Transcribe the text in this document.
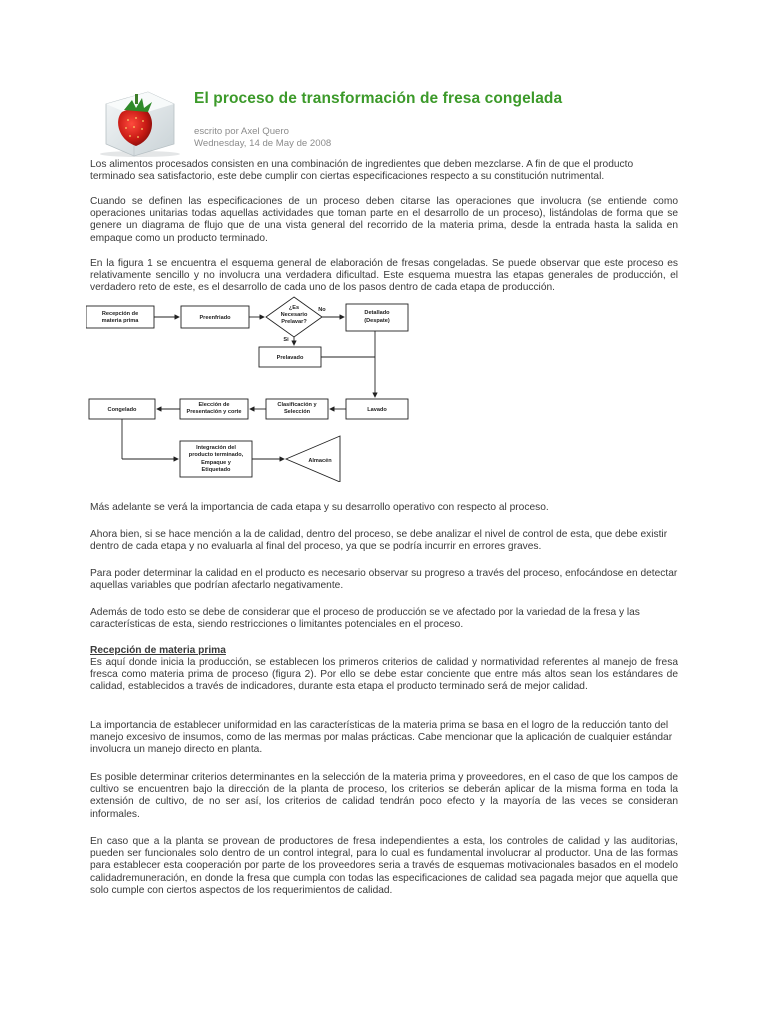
El proceso de transformación de fresa congelada
escrito por Axel Quero
Wednesday, 14 de May de 2008

Los alimentos procesados consisten en una combinación de ingredientes que deben mezclarse. A fin de que el producto terminado sea satisfactorio, este debe cumplir con ciertas especificaciones respecto a su constitución nutrimental.

Cuando se definen las especificaciones de un proceso deben citarse las operaciones que involucra (se entiende como operaciones unitarias todas aquellas actividades que toman parte en el desarrollo de un proceso), listándolas de forma que se genere un diagrama de flujo que de una vista general del recorrido de la materia prima, desde la entrada hasta la salida en empaque como un producto terminado.

En la figura 1 se encuentra el esquema general de elaboración de fresas congeladas. Se puede observar que este proceso es relativamente sencillo y no involucra una verdadera dificultad. Este esquema muestra las etapas generales de producción, el verdadero reto de este, es el desarrollo de cada uno de los pasos dentro de cada etapa de producción.

Recepción de
materia prima	Preenfriado
¿Es
Necesario
Prelavar?
No
Si
Detallado
(Despate)
Prelavado
Lavado
Clasificación y
Selección
Elección de
Presentación y corte
Congelado
Integración del
producto terminado,
Empaque y
Etiquetado
Almacén

Más adelante se verá la importancia de cada etapa y su desarrollo operativo con respecto al proceso.

Ahora bien, si se hace mención a la de calidad, dentro del proceso, se debe analizar el nivel de control de esta, que debe existir dentro de cada etapa y no evaluarla al final del proceso, ya que se podría incurrir en errores graves.

Para poder determinar la calidad en el producto es necesario observar su progreso a través del proceso, enfocándose en detectar aquellas variables que podrían afectarlo negativamente.

Además de todo esto se debe de considerar que el proceso de producción se ve afectado por la variedad de la fresa y las características de esta, siendo restricciones o limitantes potenciales en el proceso.

Recepción de materia prima

Es aquí donde inicia la producción, se establecen los primeros criterios de calidad y normatividad referentes al manejo de fresa fresca como materia prima de proceso (figura 2). Por ello se debe estar conciente que entre más altos sean los estándares de calidad, establecidos a través de indicadores, durante esta etapa el producto terminado será de mejor calidad.

La importancia de establecer uniformidad en las características de la materia prima se basa en el logro de la reducción tanto del manejo excesivo de insumos, como de las mermas por malas prácticas. Cabe mencionar que la aplicación de cualquier estándar involucra un manejo directo en planta.

Es posible determinar criterios determinantes en la selección de la materia prima y proveedores, en el caso de que los campos de cultivo se encuentren bajo la dirección de la planta de proceso, los criterios se deberán aplicar de la misma forma en toda la extensión de cultivo, de no ser así, los criterios de calidad tendrán poco efecto y la mayoría de las veces se consideran informales.

En caso que a la planta se provean de productores de fresa independientes a esta, los controles de calidad y las auditorias, pueden ser funcionales solo dentro de un control integral, para lo cual es fundamental involucrar al productor. Una de las formas para establecer esta cooperación por parte de los proveedores seria a través de esquemas motivacionales basados en el modelo calidadremuneración, en donde la fresa que cumpla con todas las especificaciones de calidad sea pagada mejor que aquella que solo cumple con ciertos aspectos de los requerimientos de calidad.
